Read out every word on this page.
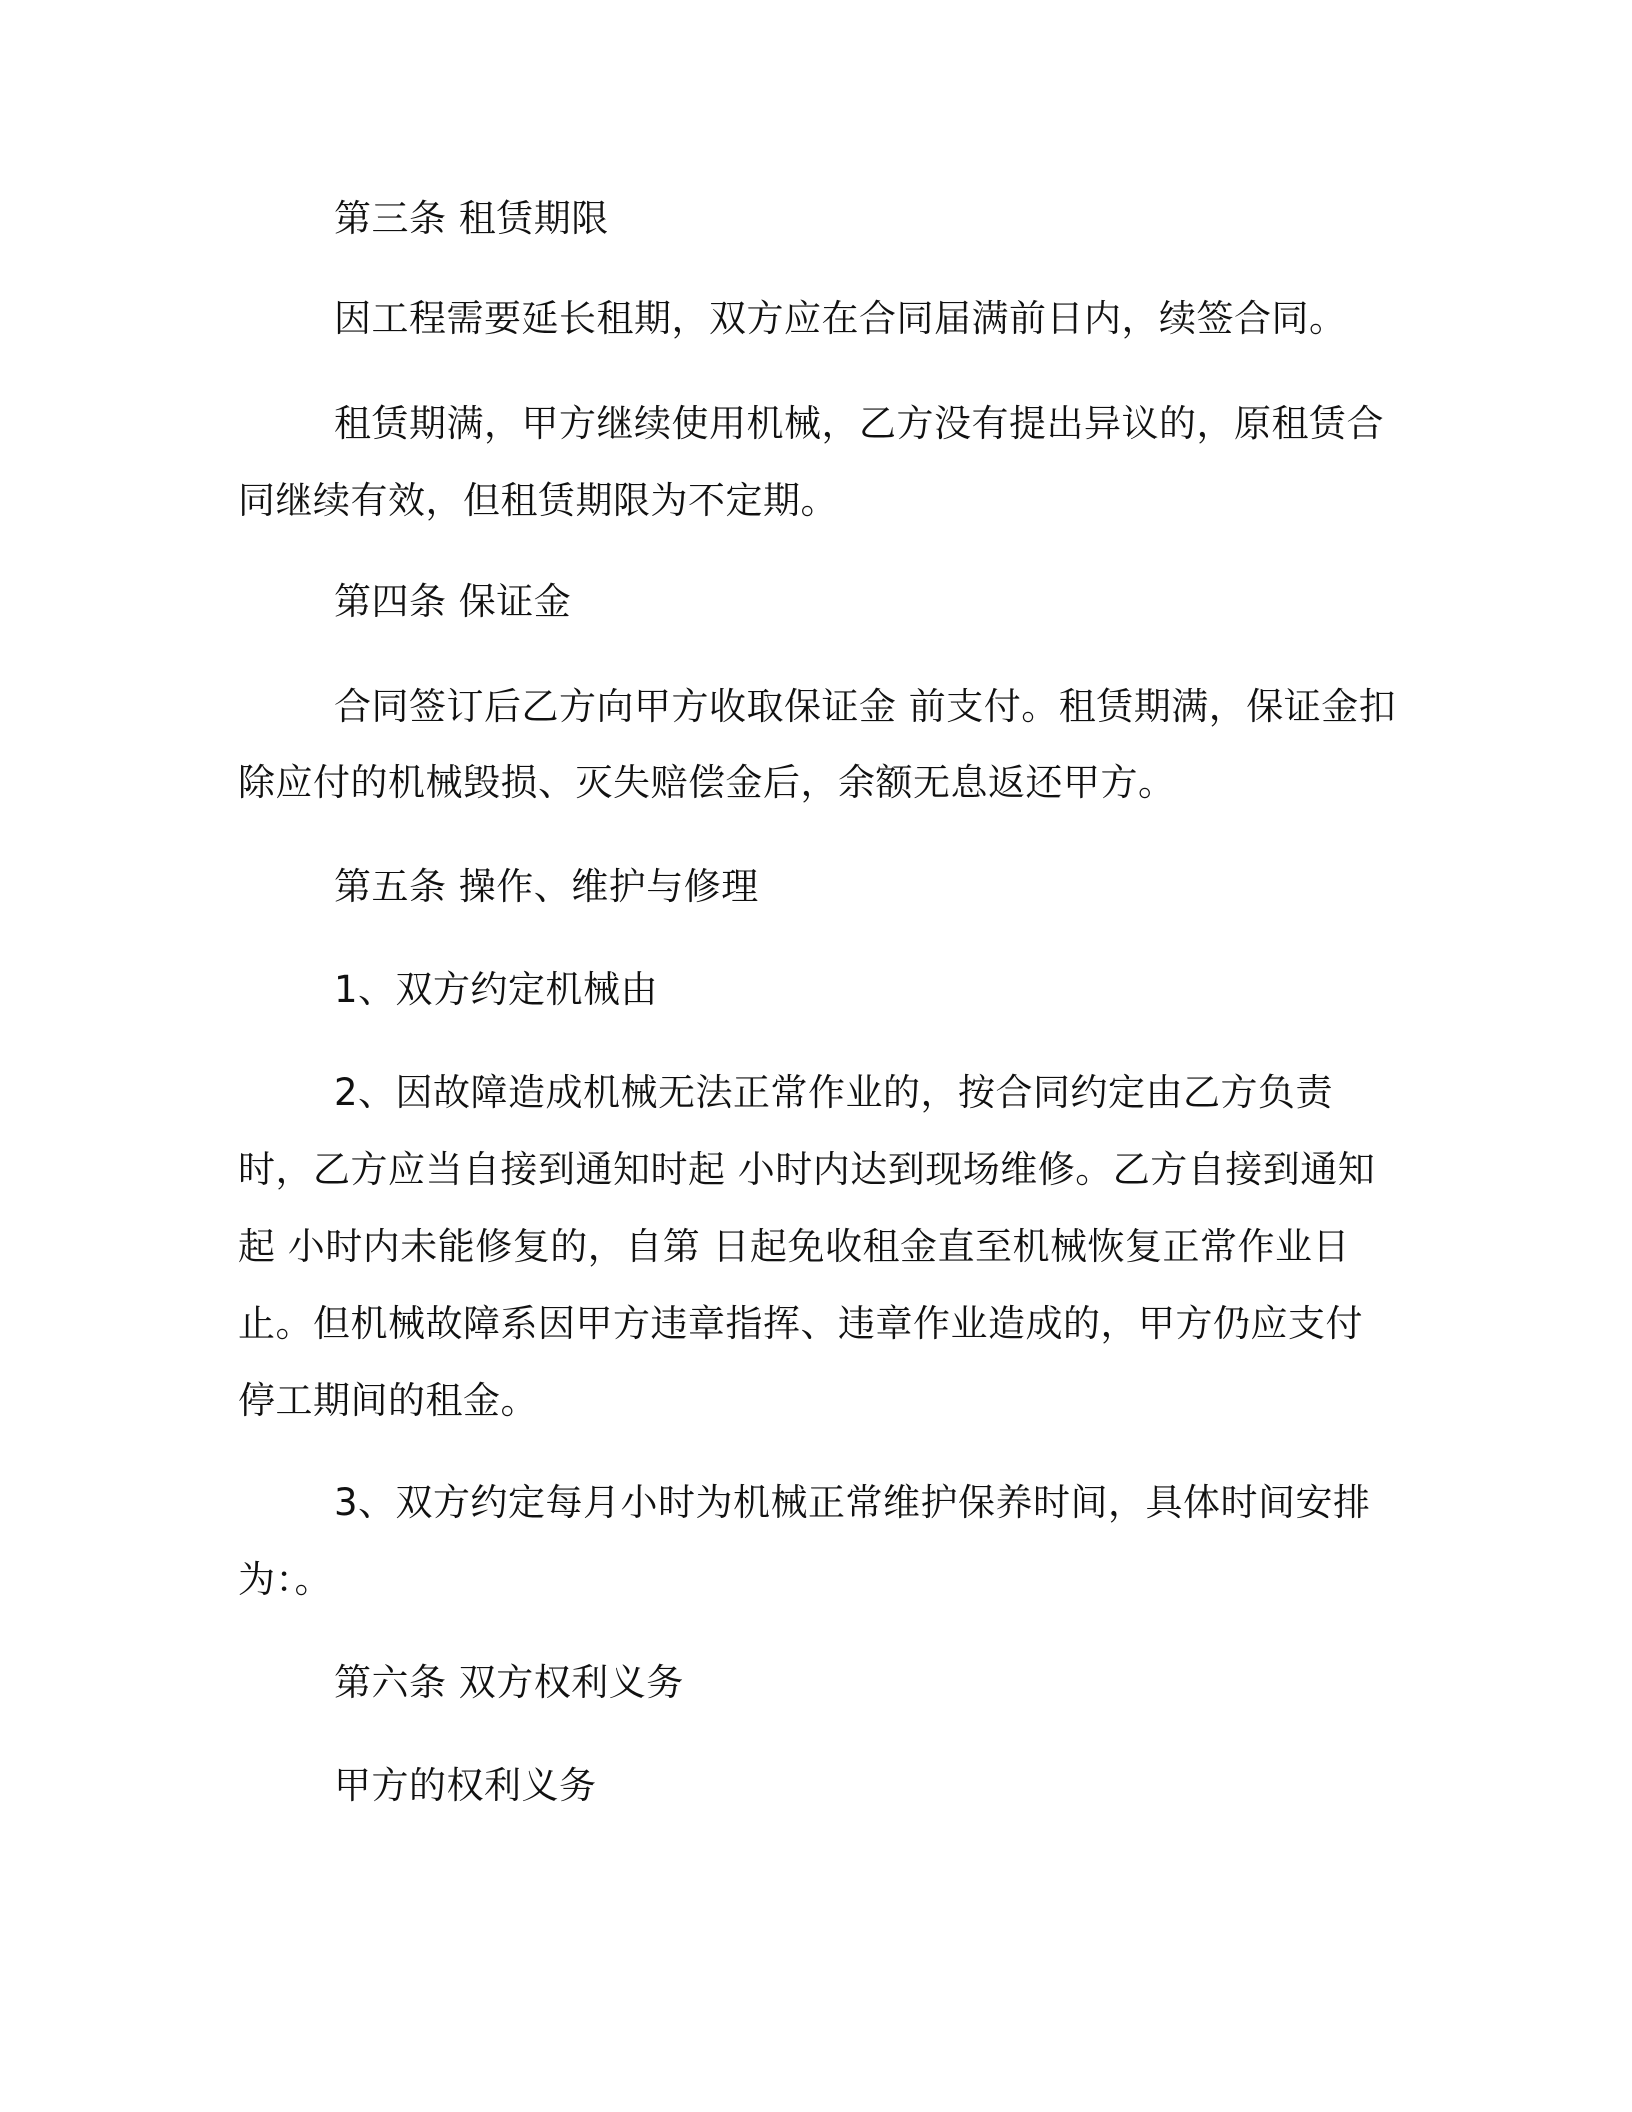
第三条 租赁期限
因工程需要延长租期，双方应在合同届满前日内，续签合同。
租赁期满，甲方继续使用机械，乙方没有提出异议的，原租赁合
同继续有效，但租赁期限为不定期。
第四条 保证金
合同签订后乙方向甲方收取保证金 前支付。租赁期满，保证金扣
除应付的机械毁损、灭失赔偿金后，余额无息返还甲方。
第五条 操作、维护与修理
1、双方约定机械由
2、因故障造成机械无法正常作业的，按合同约定由乙方负责
时，乙方应当自接到通知时起 小时内达到现场维修。乙方自接到通知
起 小时内未能修复的，自第 日起免收租金直至机械恢复正常作业日
止。但机械故障系因甲方违章指挥、违章作业造成的，甲方仍应支付
停工期间的租金。
3、双方约定每月小时为机械正常维护保养时间，具体时间安排
为：。
第六条 双方权利义务
甲方的权利义务
